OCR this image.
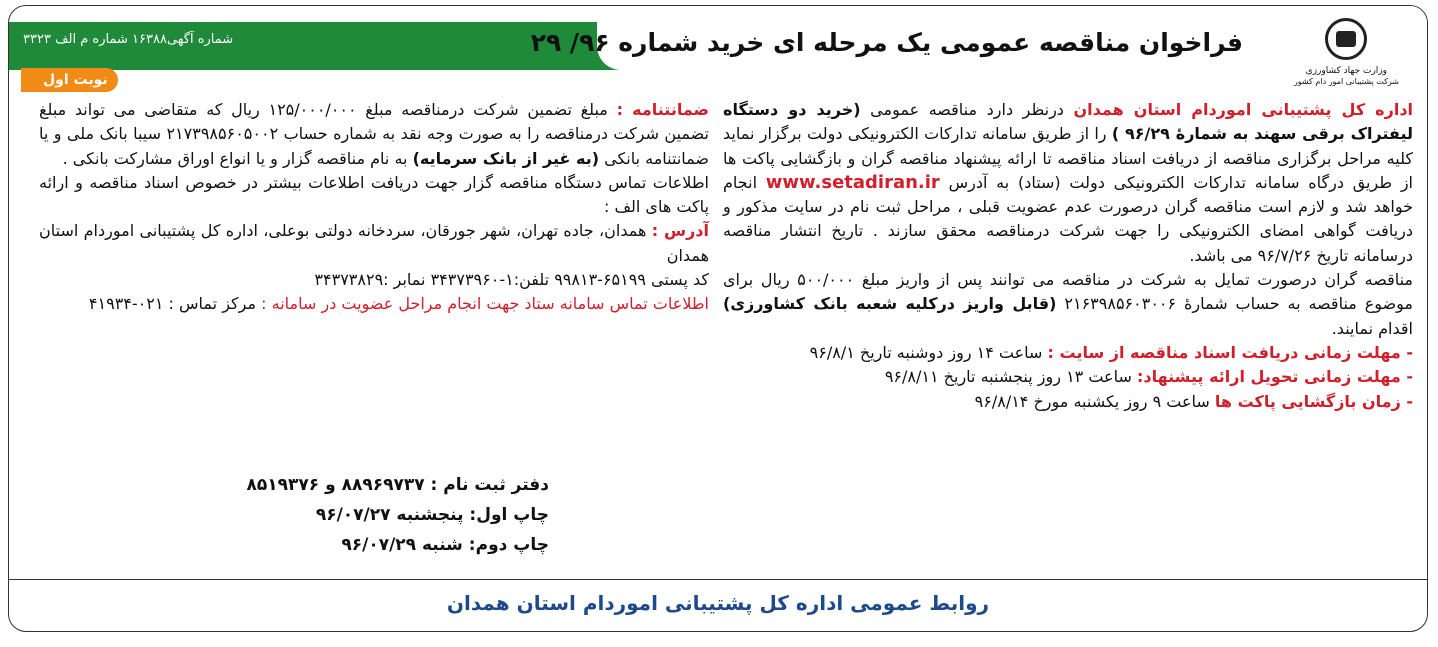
وزارت جهاد کشاورزی
شرکت پشتیبانی امور دام کشور
فراخوان مناقصه عمومی یک مرحله ای خرید شماره ۹۶/ ۲۹
شماره آگهی۱۶۳۸۸ شماره م الف ۳۳۲۳
نوبت اول

اداره کل پشتیبانی اموردام استان همدان درنظر دارد مناقصه عمومی (خرید دو دستگاه لیفتراک برقی سهند به شمارهٔ ۹۶/۲۹ ) را از طریق سامانه تدارکات الکترونیکی دولت برگزار نماید کلیه مراحل برگزاری مناقصه از دریافت اسناد مناقصه تا ارائه پیشنهاد مناقصه گران و بازگشایی پاکت ها از طریق درگاه سامانه تدارکات الکترونیکی دولت (ستاد) به آدرس www.setadiran.ir انجام خواهد شد و لازم است مناقصه گران درصورت عدم عضویت قبلی ، مراحل ثبت نام در سایت مذکور و دریافت گواهی امضای الکترونیکی را جهت شرکت درمناقصه محقق سازند . تاریخ انتشار مناقصه درسامانه تاریخ ۹۶/۷/۲۶ می باشد.

مناقصه گران درصورت تمایل به شرکت در مناقصه می توانند پس از واریز مبلغ ۵۰۰/۰۰۰ ریال برای موضوع مناقصه به حساب شمارهٔ ۲۱۶۳۹۸۵۶۰۳۰۰۶ (قابل واریز درکلیه شعبه بانک کشاورزی) اقدام نمایند.

- مهلت زمانی دریافت اسناد مناقصه از سایت : ساعت ۱۴ روز دوشنبه تاریخ ۹۶/۸/۱

- مهلت زمانی تحویل ارائه پیشنهاد: ساعت ۱۳ روز پنجشنبه تاریخ ۹۶/۸/۱۱

- زمان بازگشایی پاکت ها ساعت ۹ روز یکشنبه مورخ ۹۶/۸/۱۴

ضمانتنامه : مبلغ تضمین شرکت درمناقصه مبلغ ۱۲۵/۰۰۰/۰۰۰ ریال که متقاضی می تواند مبلغ تضمین شرکت درمناقصه را به صورت وجه نقد به شماره حساب ۲۱۷۳۹۸۵۶۰۵۰۰۲ سیبا بانک ملی و یا ضمانتنامه بانکی (به غیر از بانک سرمایه) به نام مناقصه گزار و یا انواع اوراق مشارکت بانکی .

اطلاعات تماس دستگاه مناقصه گزار جهت دریافت اطلاعات بیشتر در خصوص اسناد مناقصه و ارائه پاکت های الف :

آدرس : همدان، جاده تهران، شهر جورقان، سردخانه دولتی بوعلی، اداره کل پشتیبانی اموردام استان همدان

کد پستی ۶۵۱۹۹-۹۹۸۱۳ تلفن:۱-۳۴۳۷۳۹۶۰ نمابر :۳۴۳۷۳۸۲۹

اطلاعات تماس سامانه ستاد جهت انجام مراحل عضویت در سامانه : مرکز تماس : ۰۲۱-۴۱۹۳۴

دفتر ثبت نام : ۸۸۹۶۹۷۳۷ و ۸۵۱۹۳۷۶
چاپ اول: پنجشنبه ۹۶/۰۷/۲۷
چاپ دوم: شنبه ۹۶/۰۷/۲۹
روابط عمومی اداره کل پشتیبانی اموردام استان همدان
